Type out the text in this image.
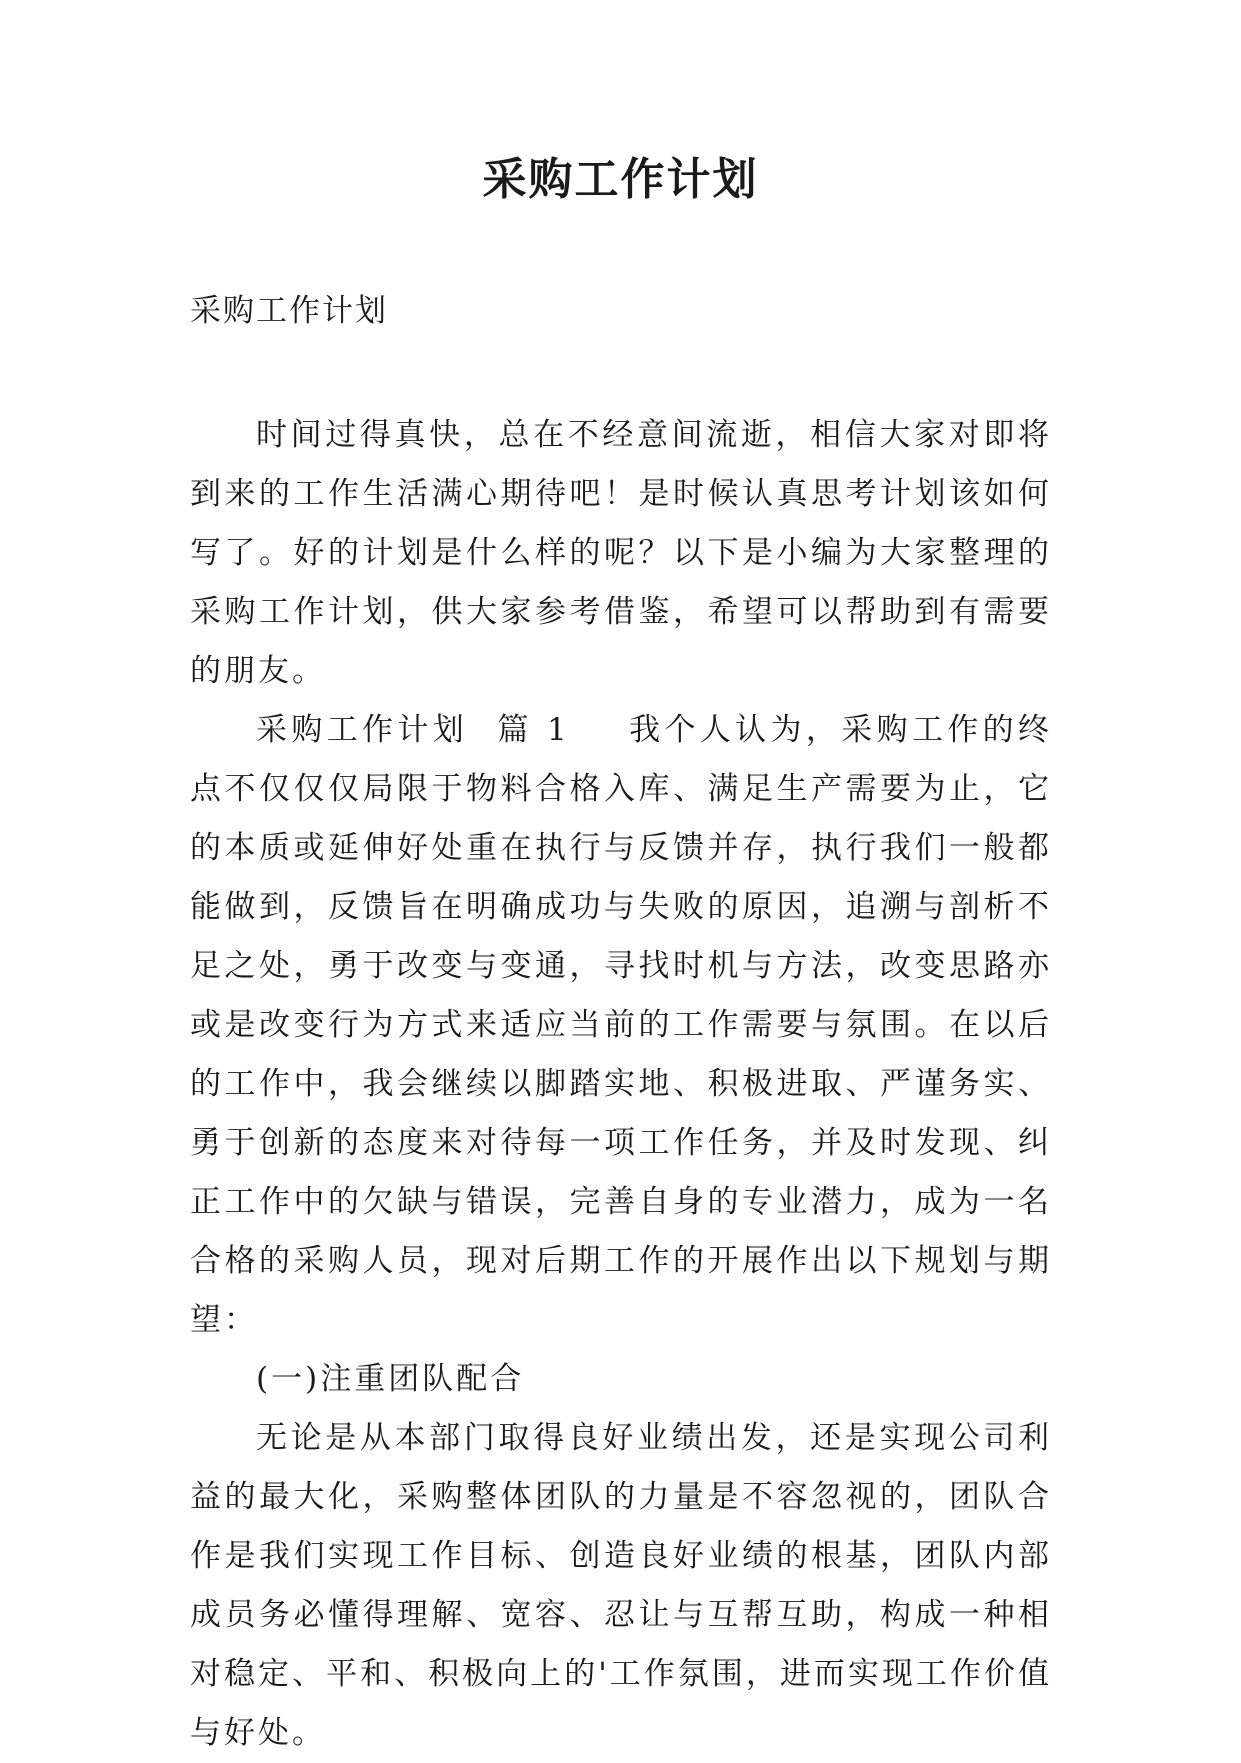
采购工作计划

采购工作计划

时间过得真快，总在不经意间流逝，相信大家对即将到来的工作生活满心期待吧！是时候认真思考计划该如何写了。好的计划是什么样的呢？以下是小编为大家整理的采购工作计划，供大家参考借鉴，希望可以帮助到有需要的朋友。

采购工作计划 篇 1 我个人认为，采购工作的终点不仅仅仅局限于物料合格入库、满足生产需要为止，它的本质或延伸好处重在执行与反馈并存，执行我们一般都能做到，反馈旨在明确成功与失败的原因，追溯与剖析不足之处，勇于改变与变通，寻找时机与方法，改变思路亦或是改变行为方式来适应当前的工作需要与氛围。在以后的工作中，我会继续以脚踏实地、积极进取、严谨务实、勇于创新的态度来对待每一项工作任务，并及时发现、纠正工作中的欠缺与错误，完善自身的专业潜力，成为一名合格的采购人员，现对后期工作的开展作出以下规划与期望：

(一)注重团队配合

无论是从本部门取得良好业绩出发，还是实现公司利益的最大化，采购整体团队的力量是不容忽视的，团队合作是我们实现工作目标、创造良好业绩的根基，团队内部成员务必懂得理解、宽容、忍让与互帮互助，构成一种相对稳定、平和、积极向上的'工作氛围，进而实现工作价值与好处。
